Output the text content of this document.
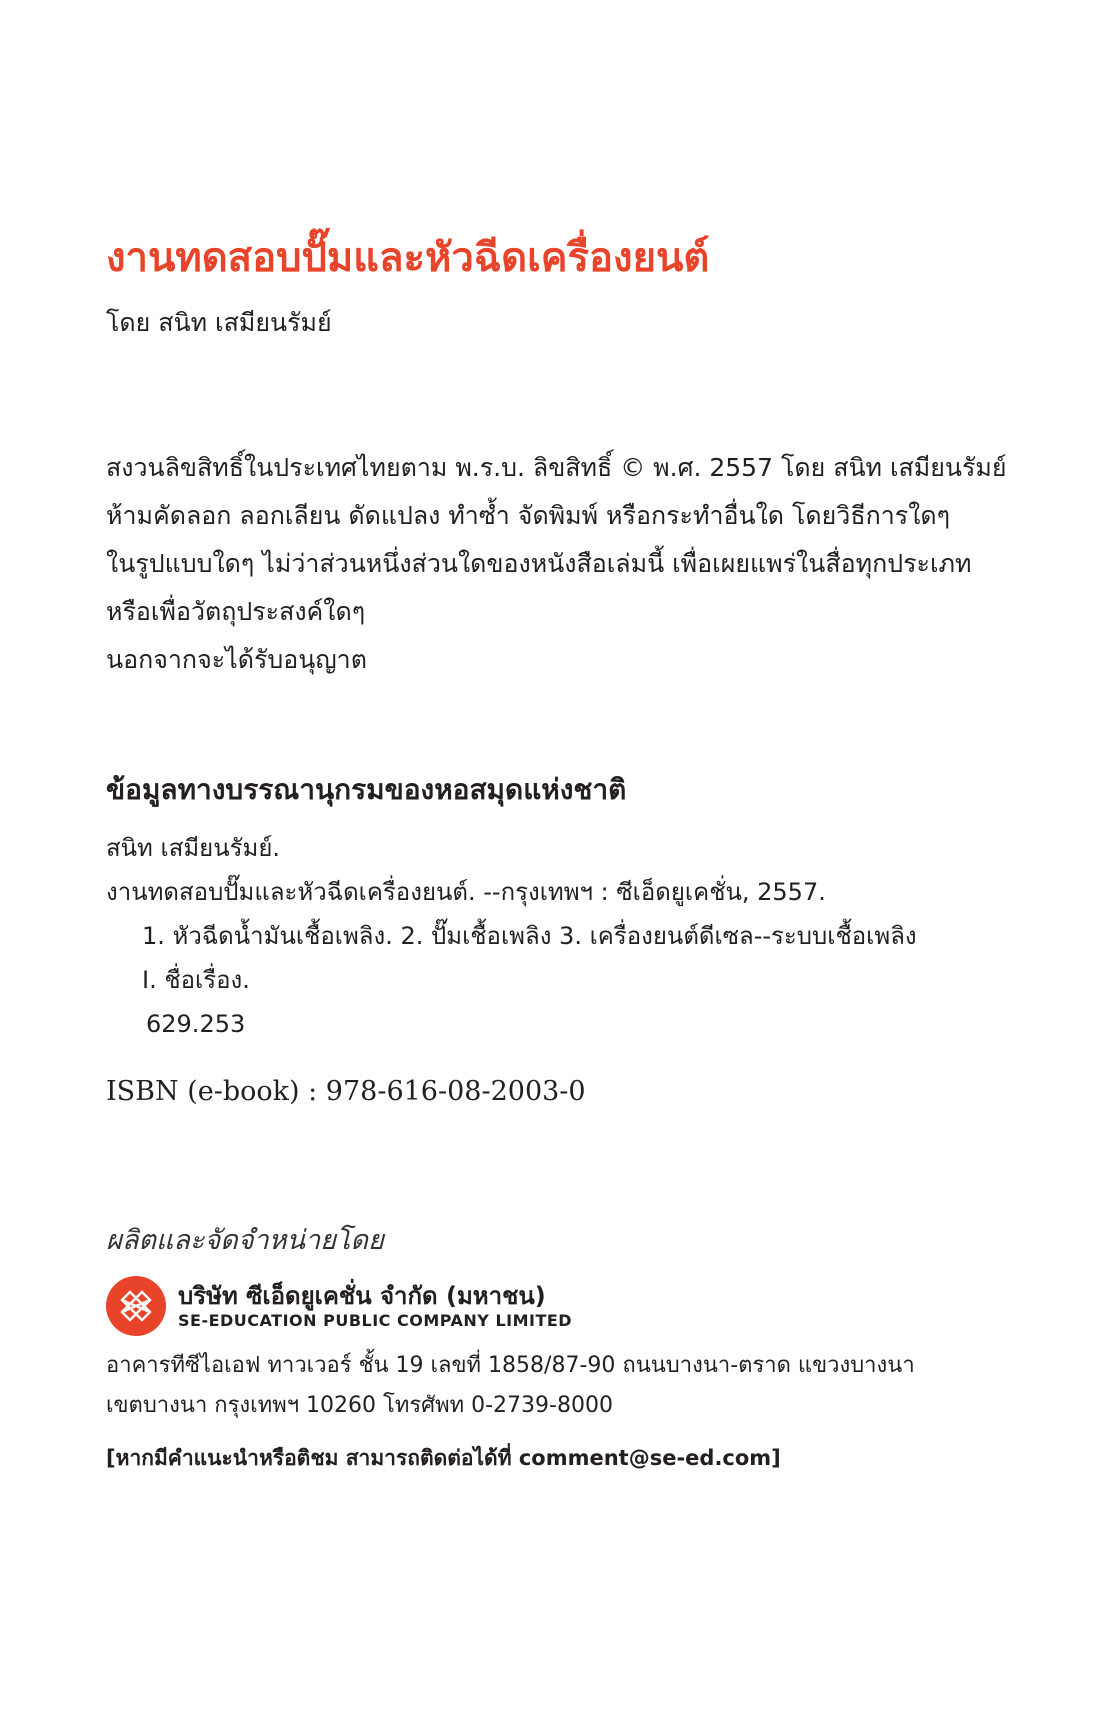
งานทดสอบปั๊มและหัวฉีดเครื่องยนต์
โดย สนิท เสมียนรัมย์
สงวนลิขสิทธิ์ในประเทศไทยตาม พ.ร.บ. ลิขสิทธิ์ © พ.ศ. 2557 โดย สนิท เสมียนรัมย์
ห้ามคัดลอก ลอกเลียน ดัดแปลง ทำซ้ำ จัดพิมพ์ หรือกระทำอื่นใด โดยวิธีการใดๆ
ในรูปแบบใดๆ ไม่ว่าส่วนหนึ่งส่วนใดของหนังสือเล่มนี้ เพื่อเผยแพร่ในสื่อทุกประเภท
หรือเพื่อวัตถุประสงค์ใดๆ
นอกจากจะได้รับอนุญาต
ข้อมูลทางบรรณานุกรมของหอสมุดแห่งชาติ
สนิท เสมียนรัมย์.
งานทดสอบปั๊มและหัวฉีดเครื่องยนต์. --กรุงเทพฯ : ซีเอ็ดยูเคชั่น, 2557.
1. หัวฉีดน้ำมันเชื้อเพลิง. 2. ปั๊มเชื้อเพลิง 3. เครื่องยนต์ดีเซล--ระบบเชื้อเพลิง
I. ชื่อเรื่อง.
629.253
ISBN (e-book) : 978-616-08-2003-0
ผลิตและจัดจำหน่ายโดย
บริษัท ซีเอ็ดยูเคชั่น จำกัด (มหาชน)
SE-EDUCATION PUBLIC COMPANY LIMITED
อาคารทีซีไอเอฟ ทาวเวอร์ ชั้น 19 เลขที่ 1858/87-90 ถนนบางนา-ตราด แขวงบางนา
เขตบางนา กรุงเทพฯ 10260 โทรศัพท 0-2739-8000
[หากมีคำแนะนำหรือติชม สามารถติดต่อได้ที่ comment@se-ed.com]
